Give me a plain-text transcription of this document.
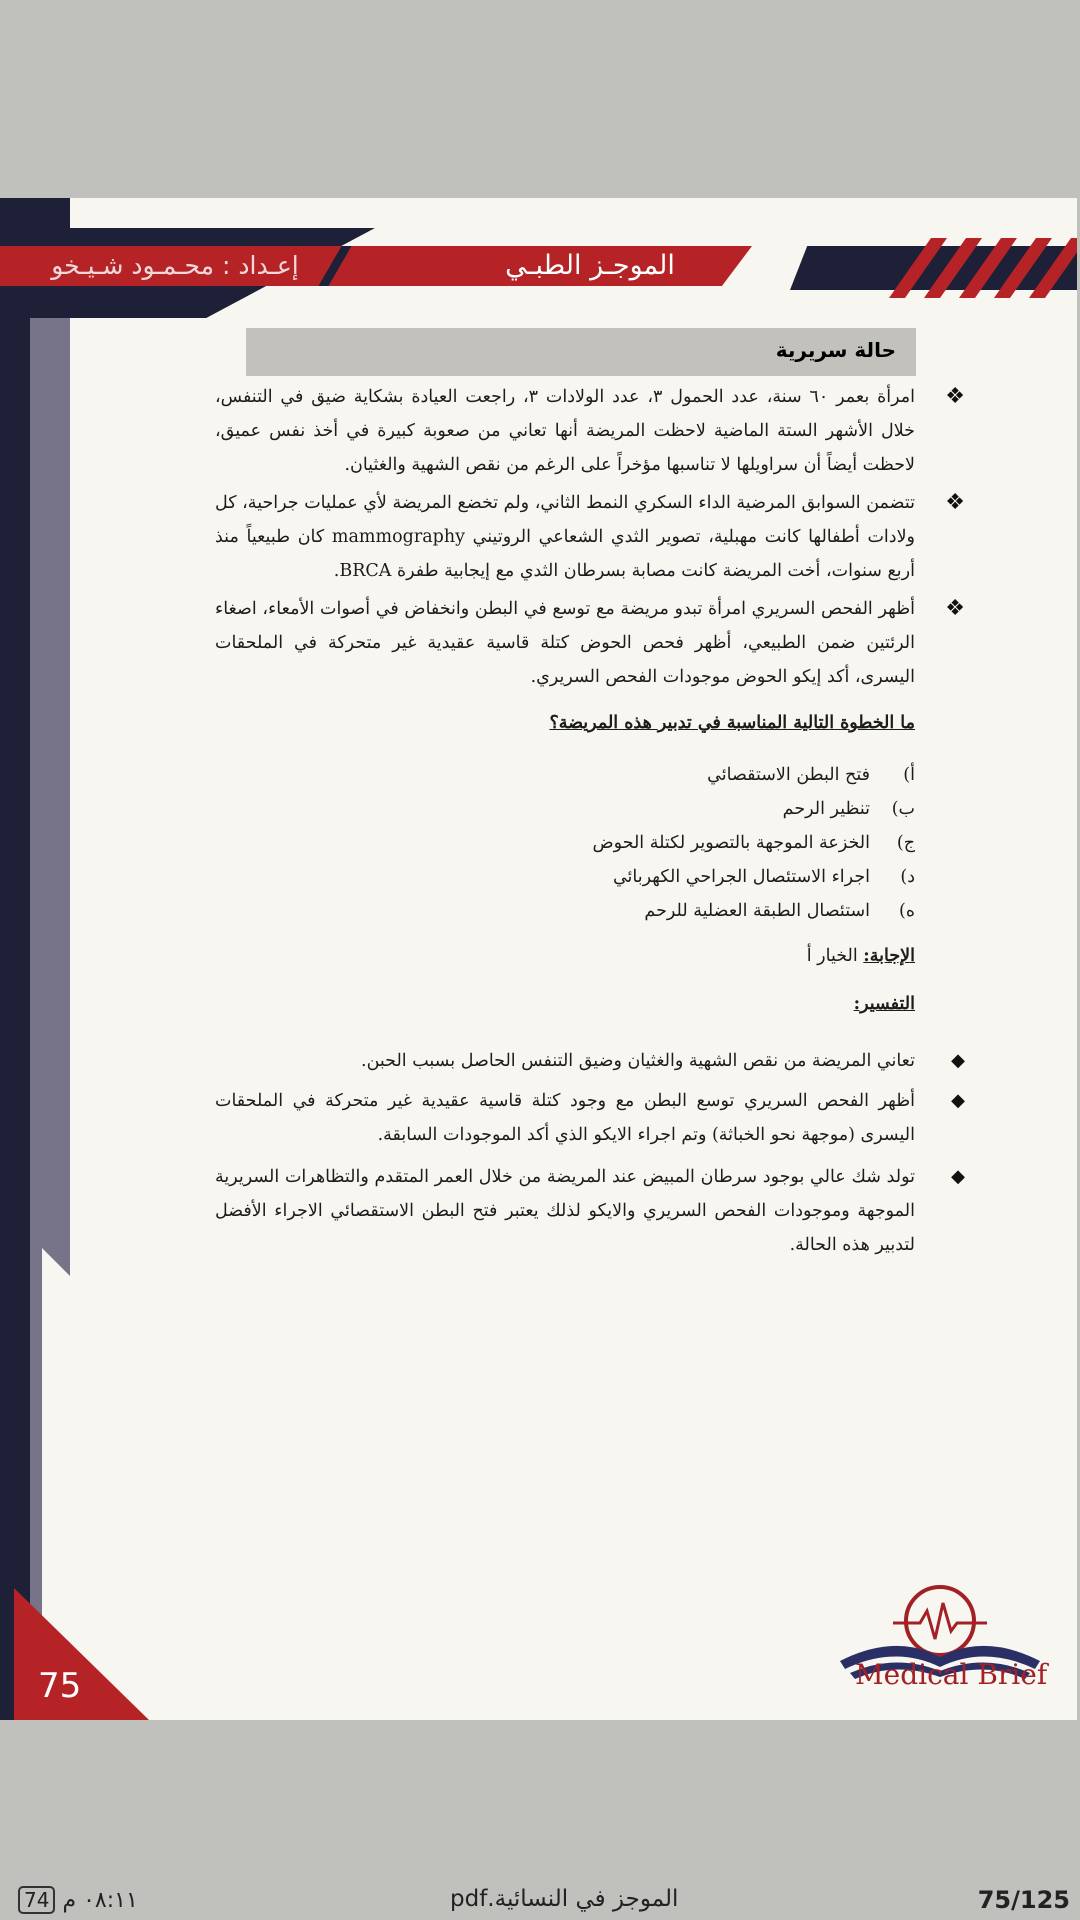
إعـداد : محـمـود شـيـخو	الموجـز الطبـي
حالة سريرية
❖
امرأة بعمر ٦٠ سنة، عدد الحمول ٣، عدد الولادات ٣، راجعت العيادة بشكاية ضيق في التنفس، خلال الأشهر الستة الماضية لاحظت المريضة أنها تعاني من صعوبة كبيرة في أخذ نفس عميق، لاحظت أيضاً أن سراويلها لا تناسبها مؤخراً على الرغم من نقص الشهية والغثيان.
❖
تتضمن السوابق المرضية الداء السكري النمط الثاني، ولم تخضع المريضة لأي عمليات جراحية، كل ولادات أطفالها كانت مهبلية، تصوير الثدي الشعاعي الروتيني mammography كان طبيعياً منذ أربع سنوات، أخت المريضة كانت مصابة بسرطان الثدي مع إيجابية طفرة BRCA.
❖
أظهر الفحص السريري امرأة تبدو مريضة مع توسع في البطن وانخفاض في أصوات الأمعاء، اصغاء الرئتين ضمن الطبيعي، أظهر فحص الحوض كتلة قاسية عقيدية غير متحركة في الملحقات اليسرى، أكد إيكو الحوض موجودات الفحص السريري.
ما الخطوة التالية المناسبة في تدبير هذه المريضة؟
أ)فتح البطن الاستقصائي
ب)تنظير الرحم
ج)الخزعة الموجهة بالتصوير لكتلة الحوض
د)اجراء الاستئصال الجراحي الكهربائي
ه)استئصال الطبقة العضلية للرحم
الإجابة: الخيار أ
التفسير:
◆
تعاني المريضة من نقص الشهية والغثيان وضيق التنفس الحاصل بسبب الحبن.
◆
أظهر الفحص السريري توسع البطن مع وجود كتلة قاسية عقيدية غير متحركة في الملحقات اليسرى (موجهة نحو الخباثة) وتم اجراء الايكو الذي أكد الموجودات السابقة.
◆
تولد شك عالي بوجود سرطان المبيض عند المريضة من خلال العمر المتقدم والتظاهرات السريرية الموجهة وموجودات الفحص السريري والايكو لذلك يعتبر فتح البطن الاستقصائي الاجراء الأفضل لتدبير هذه الحالة.
75	Medical Brief
75/125
الموجز في النسائية.pdf
٠٨:١١ م 74
